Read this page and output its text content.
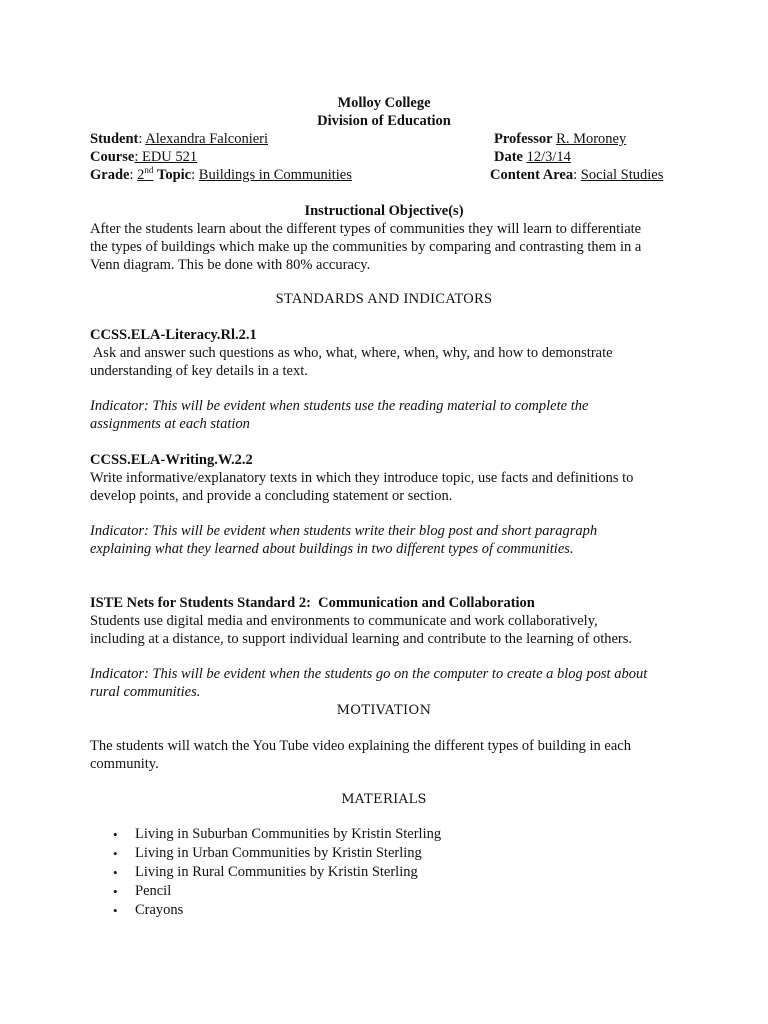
Molloy College
Division of Education
Student: Alexandra Falconieri	Professor R. Moroney
Course: EDU 521	Date 12/3/14
Grade: 2nd Topic: Buildings in Communities	Content Area: Social Studies
Instructional Objective(s)
After the students learn about the different types of communities they will learn to differentiate
the types of buildings which make up the communities by comparing and contrasting them in a
Venn diagram. This be done with 80% accuracy.
STANDARDS AND INDICATORS
CCSS.ELA-Literacy.Rl.2.1
Ask and answer such questions as who, what, where, when, why, and how to demonstrate
understanding of key details in a text.
Indicator: This will be evident when students use the reading material to complete the
assignments at each station
CCSS.ELA-Writing.W.2.2
Write informative/explanatory texts in which they introduce topic, use facts and definitions to
develop points, and provide a concluding statement or section.
Indicator: This will be evident when students write their blog post and short paragraph
explaining what they learned about buildings in two different types of communities.
ISTE Nets for Students Standard 2:  Communication and Collaboration
Students use digital media and environments to communicate and work collaboratively,
including at a distance, to support individual learning and contribute to the learning of others.
Indicator: This will be evident when the students go on the computer to create a blog post about
rural communities.
MOTIVATION
The students will watch the You Tube video explaining the different types of building in each
community.
MATERIALS
• Living in Suburban Communities by Kristin Sterling
• Living in Urban Communities by Kristin Sterling
• Living in Rural Communities by Kristin Sterling
• Pencil
• Crayons
